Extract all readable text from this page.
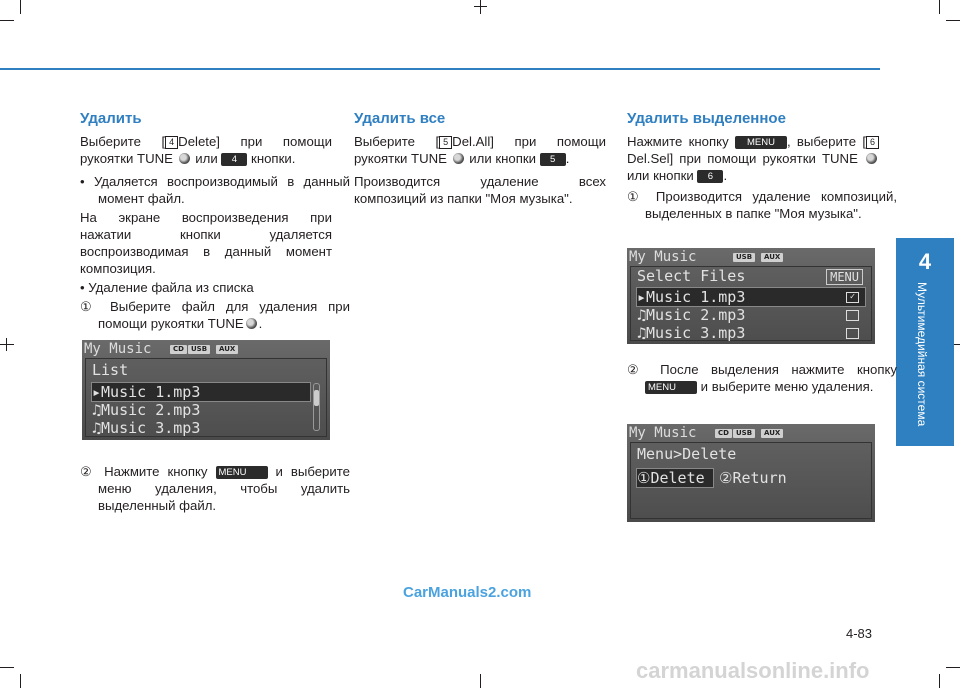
4
Мультимедийная система
Удалить
Выберите [ 4 Delete] при помощи рукоятки TUNE или 4 кнопки.
• Удаляется воспроизводимый в данный момент файл.
На экране воспроизведения при нажатии кнопки удаляется воспроизводимая в данный момент композиция.
• Удаление файла из списка
① Выберите файл для удаления при помощи рукоятки TUNE .
My Music	CD	USB	AUX
List
▸Music 1.mp3
♫Music 2.mp3
♫Music 3.mp3
② Нажмите кнопку MENU и выберите меню удаления, чтобы удалить выделенный файл.
Удалить все
Выберите [ 5 Del.All] при помощи рукоятки TUNE или кнопки 5 .
Производится удаление всех композиций из папки "Моя музыка".
Удалить выделенное
Нажмите кнопку MENU , выберите [ 6Del.Sel] при помощи рукоятки TUNE  или кнопки 6 .
① Производится удаление композиций, выделенных в папке "Моя музыка".
My Music	USB	AUX
Select Files	MENU
▸Music 1.mp3	✓
♫Music 2.mp3
♫Music 3.mp3
② После выделения нажмите кнопку MENU и выберите меню удаления.
My Music	CD	USB	AUX
Menu>Delete
①Delete ②Return
CarManuals2.com
4-83
carmanualsonline.info
